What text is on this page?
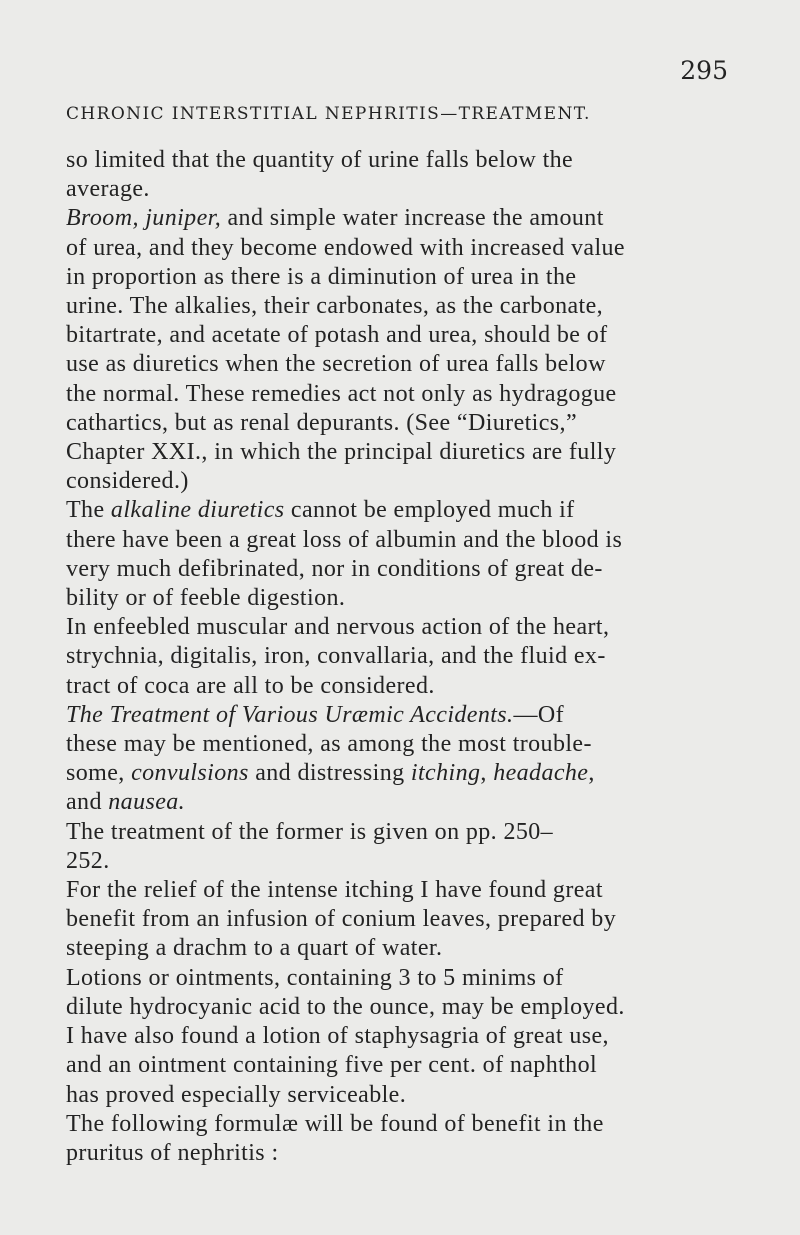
CHRONIC INTERSTITIAL NEPHRITIS—TREATMENT.
295

so limited that the quantity of urine falls below the
average.

Broom, juniper, and simple water increase the amount
of urea, and they become endowed with increased value
in proportion as there is a diminution of urea in the
urine. The alkalies, their carbonates, as the carbonate,
bitartrate, and acetate of potash and urea, should be of
use as diuretics when the secretion of urea falls below
the normal. These remedies act not only as hydragogue
cathartics, but as renal depurants. (See “Diuretics,”
Chapter XXI., in which the principal diuretics are fully
considered.)

The alkaline diuretics cannot be employed much if
there have been a great loss of albumin and the blood is
very much defibrinated, nor in conditions of great de-
bility or of feeble digestion.

In enfeebled muscular and nervous action of the heart,
strychnia, digitalis, iron, convallaria, and the fluid ex-
tract of coca are all to be considered.

The Treatment of Various Uræmic Accidents.—Of
these may be mentioned, as among the most trouble-
some, convulsions and distressing itching, headache,
and nausea.

The treatment of the former is given on pp. 250–
252.

For the relief of the intense itching I have found great
benefit from an infusion of conium leaves, prepared by
steeping a drachm to a quart of water.

Lotions or ointments, containing 3 to 5 minims of
dilute hydrocyanic acid to the ounce, may be employed.
I have also found a lotion of staphysagria of great use,
and an ointment containing five per cent. of naphthol
has proved especially serviceable.

The following formulæ will be found of benefit in the
pruritus of nephritis :
